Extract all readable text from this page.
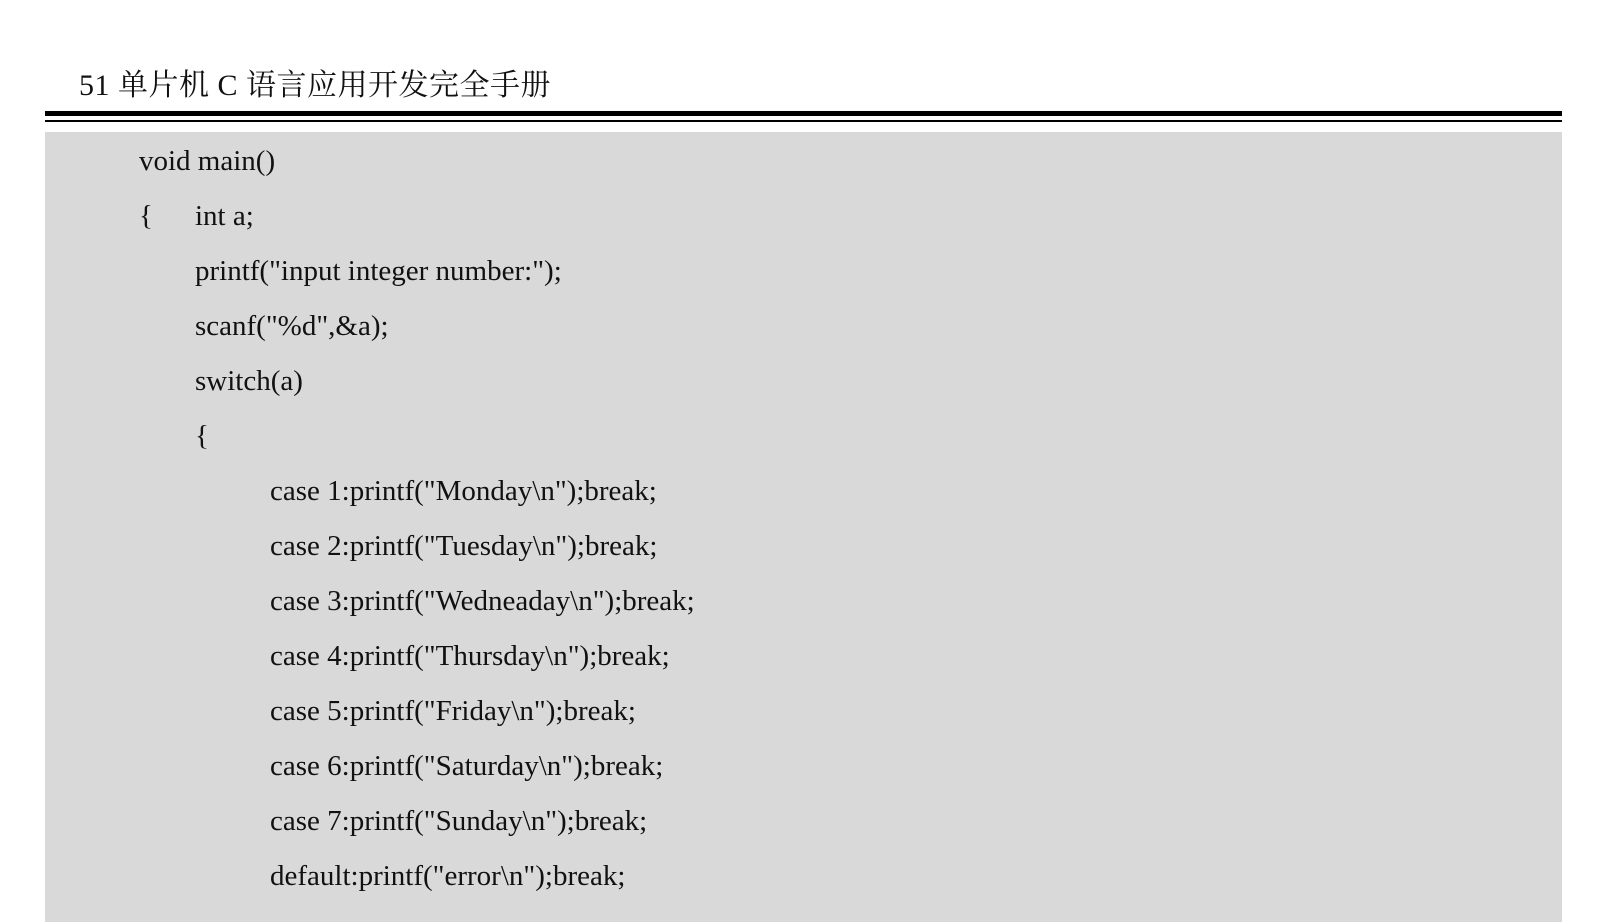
51 单片机 C 语言应用开发完全手册
void main()
{ int a;
printf("input integer number:");
scanf("%d",&a);
switch(a)
{
case 1:printf("Monday\n");break;
case 2:printf("Tuesday\n");break;
case 3:printf("Wedneaday\n");break;
case 4:printf("Thursday\n");break;
case 5:printf("Friday\n");break;
case 6:printf("Saturday\n");break;
case 7:printf("Sunday\n");break;
default:printf("error\n");break;
